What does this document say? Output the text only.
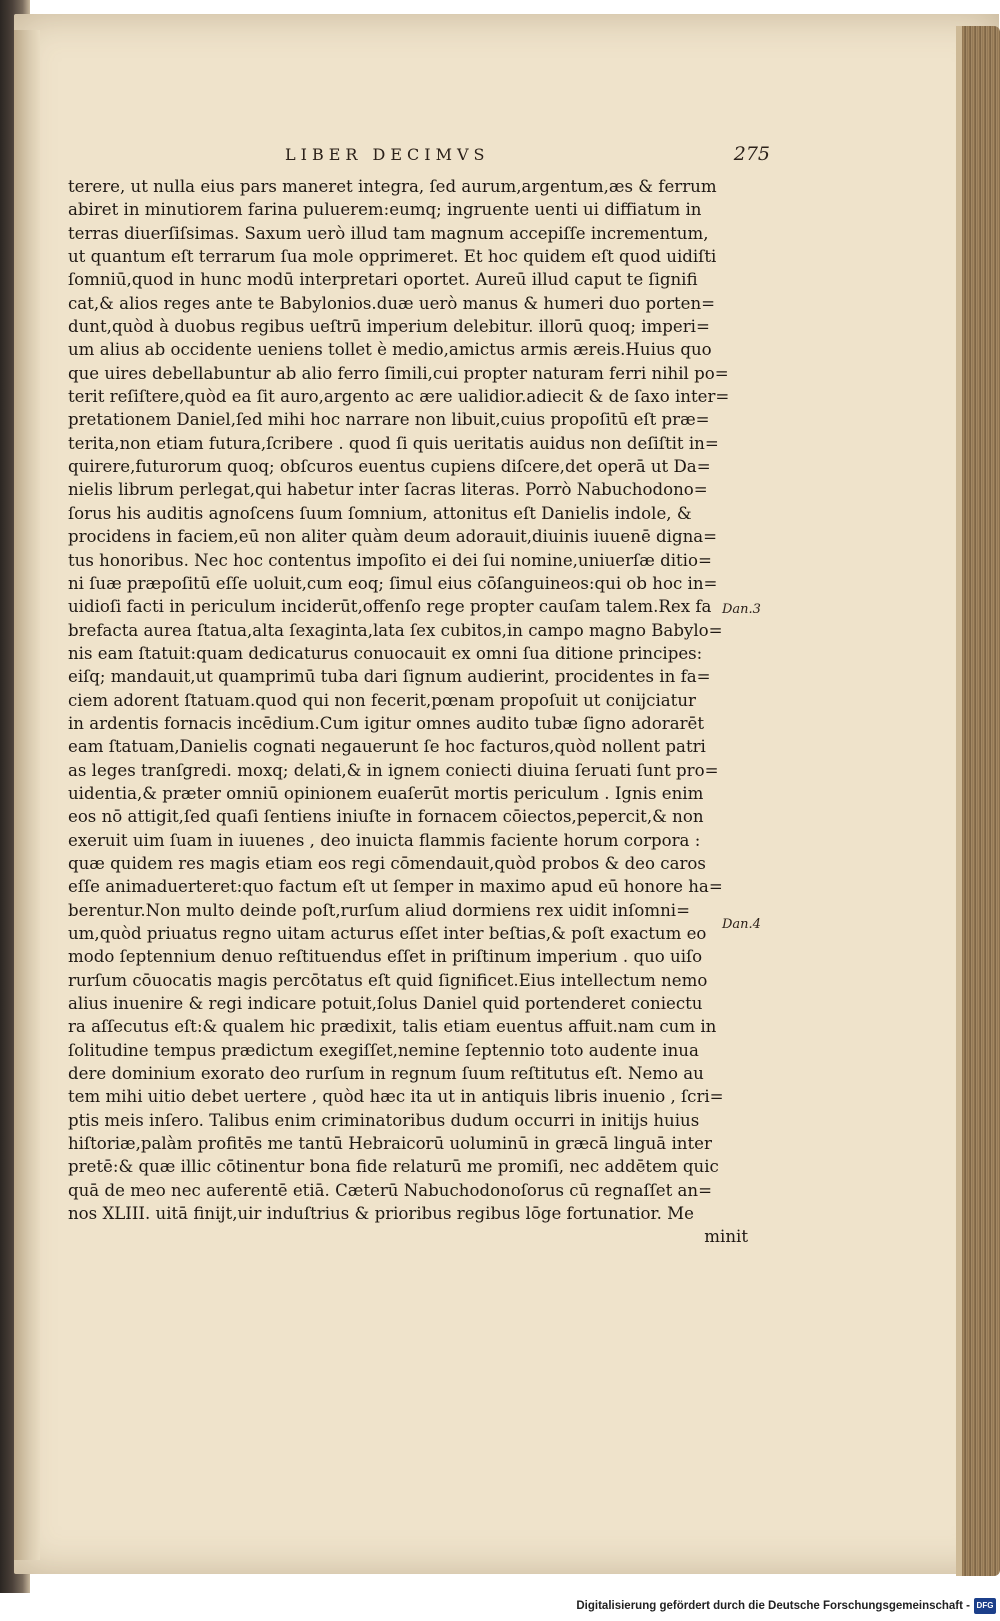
LIBER DECIMVS	275
terere, ut nulla eius pars maneret integra, ſed aurum,argentum,æs & ferrum
abiret in minutiorem farina puluerem:eumq; ingruente uenti ui diffiatum in
terras diuerſiſsimas. Saxum uerò illud tam magnum accepiſſe incrementum,
ut quantum eſt terrarum ſua mole opprimeret. Et hoc quidem eſt quod uidiſti
ſomniū,quod in hunc modū interpretari oportet. Aureū illud caput te ſignifi
cat,& alios reges ante te Babylonios.duæ uerò manus & humeri duo porten=
dunt,quòd à duobus regibus ueſtrū imperium delebitur. illorū quoq; imperi=
um alius ab occidente ueniens tollet è medio,amictus armis æreis.Huius quo
que uires debellabuntur ab alio ferro ſimili,cui propter naturam ferri nihil po=
terit reſiſtere,quòd ea ſit auro,argento ac ære ualidior.adiecit & de ſaxo inter=
pretationem Daniel,ſed mihi hoc narrare non libuit,cuius propoſitū eſt præ=
terita,non etiam futura,ſcribere . quod ſi quis ueritatis auidus non deſiſtit in=
quirere,futurorum quoq; obſcuros euentus cupiens diſcere,det operā ut Da=
nielis librum perlegat,qui habetur inter ſacras literas. Porrò Nabuchodono=
ſorus his auditis agnoſcens ſuum ſomnium, attonitus eſt Danielis indole, &
procidens in faciem,eū non aliter quàm deum adorauit,diuinis iuuenē digna=
tus honoribus. Nec hoc contentus impoſito ei dei ſui nomine,uniuerſæ ditio=
ni ſuæ præpoſitū eſſe uoluit,cum eoq; ſimul eius cōſanguineos:qui ob hoc in=
uidioſi facti in periculum inciderūt,offenſo rege propter cauſam talem.Rex fa
brefacta aurea ſtatua,alta ſexaginta,lata ſex cubitos,in campo magno Babylo=
nis eam ſtatuit:quam dedicaturus conuocauit ex omni ſua ditione principes:
eiſq; mandauit,ut quamprimū tuba dari ſignum audierint, procidentes in fa=
ciem adorent ſtatuam.quod qui non fecerit,pœnam propoſuit ut conijciatur
in ardentis fornacis incēdium.Cum igitur omnes audito tubæ ſigno adorarēt
eam ſtatuam,Danielis cognati negauerunt ſe hoc facturos,quòd nollent patri
as leges tranſgredi. moxq; delati,& in ignem coniecti diuina ſeruati ſunt pro=
uidentia,& præter omniū opinionem euaſerūt mortis periculum . Ignis enim
eos nō attigit,ſed quaſi ſentiens iniuſte in fornacem cōiectos,pepercit,& non
exeruit uim ſuam in iuuenes , deo inuicta flammis faciente horum corpora :
quæ quidem res magis etiam eos regi cōmendauit,quòd probos & deo caros
eſſe animaduerteret:quo factum eſt ut ſemper in maximo apud eū honore ha=
berentur.Non multo deinde poſt,rurſum aliud dormiens rex uidit inſomni=
um,quòd priuatus regno uitam acturus eſſet inter beſtias,& poſt exactum eo
modo ſeptennium denuo reſtituendus eſſet in priſtinum imperium . quo uiſo
rurſum cōuocatis magis percōtatus eſt quid ſignificet.Eius intellectum nemo
alius inuenire & regi indicare potuit,ſolus Daniel quid portenderet coniectu
ra aſſecutus eſt:& qualem hic prædixit, talis etiam euentus affuit.nam cum in
ſolitudine tempus prædictum exegiſſet,nemine ſeptennio toto audente inua
dere dominium exorato deo rurſum in regnum ſuum reſtitutus eſt. Nemo au
tem mihi uitio debet uertere , quòd hæc ita ut in antiquis libris inuenio , ſcri=
ptis meis inſero. Talibus enim criminatoribus dudum occurri in initijs huius
hiſtoriæ,palàm profitēs me tantū Hebraicorū uoluminū in græcā linguā inter
pretē:& quæ illic cōtinentur bona fide relaturū me promiſi, nec addētem quic
quā de meo nec auferentē etiā. Cæterū Nabuchodonoſorus cū regnaſſet an=
nos XLIII. uitā finijt,uir induſtrius & prioribus regibus lōge fortunatior. Me
minit
Dan.3
Dan.4
Digitalisierung gefördert durch die Deutsche Forschungsgemeinschaft - DFG
